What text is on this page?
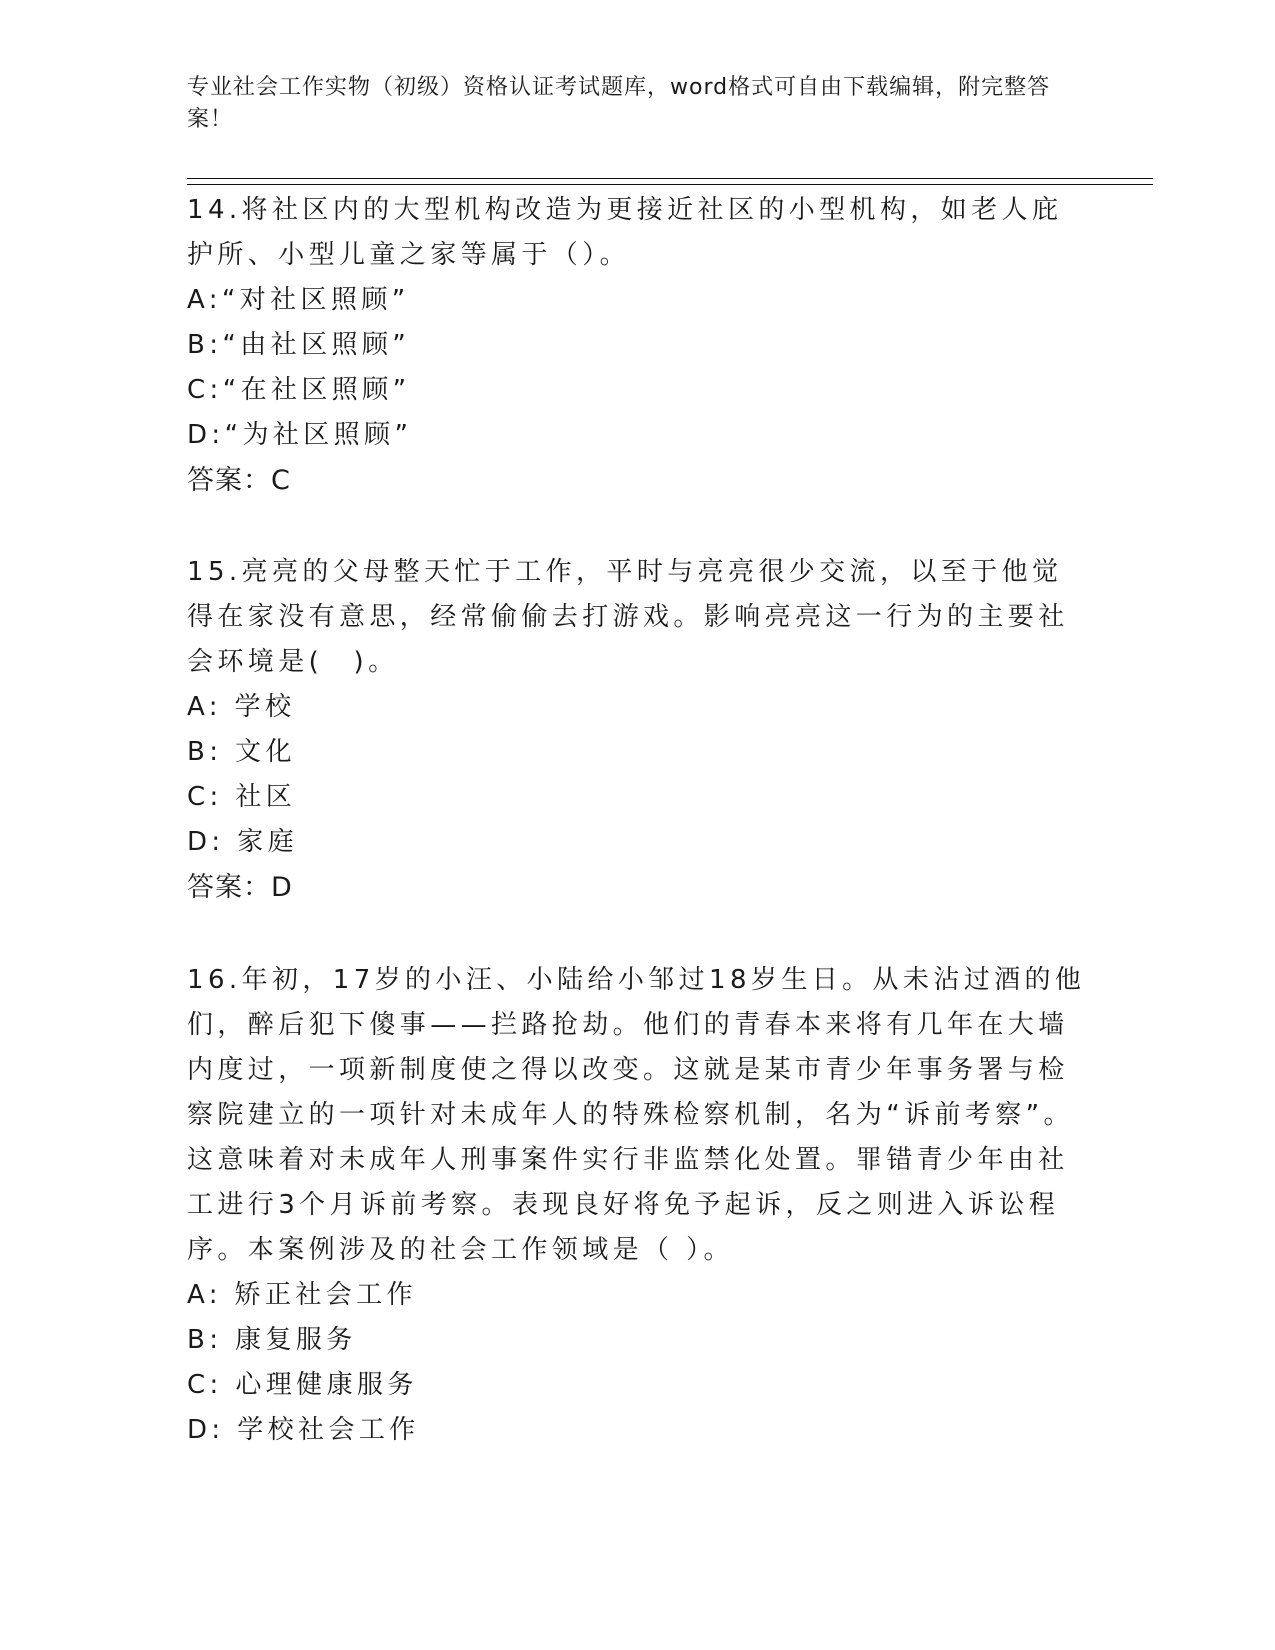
专业社会工作实物（初级）资格认证考试题库，word格式可自由下载编辑，附完整答案！

14.将社区内的大型机构改造为更接近社区的小型机构，如老人庇护所、小型儿童之家等属于（）。

A:“对社区照顾”

B:“由社区照顾”

C:“在社区照顾”

D:“为社区照顾”

答案：C

15.亮亮的父母整天忙于工作，平时与亮亮很少交流，以至于他觉得在家没有意思，经常偷偷去打游戏。影响亮亮这一行为的主要社会环境是(　)。

A: 学校

B: 文化

C: 社区

D: 家庭

答案：D

16.年初，17岁的小汪、小陆给小邹过18岁生日。从未沾过酒的他们，醉后犯下傻事——拦路抢劫。他们的青春本来将有几年在大墙内度过，一项新制度使之得以改变。这就是某市青少年事务署与检察院建立的一项针对未成年人的特殊检察机制，名为“诉前考察”。这意味着对未成年人刑事案件实行非监禁化处置。罪错青少年由社工进行3个月诉前考察。表现良好将免予起诉，反之则进入诉讼程序。本案例涉及的社会工作领域是（ ）。

A: 矫正社会工作

B: 康复服务

C: 心理健康服务

D: 学校社会工作
